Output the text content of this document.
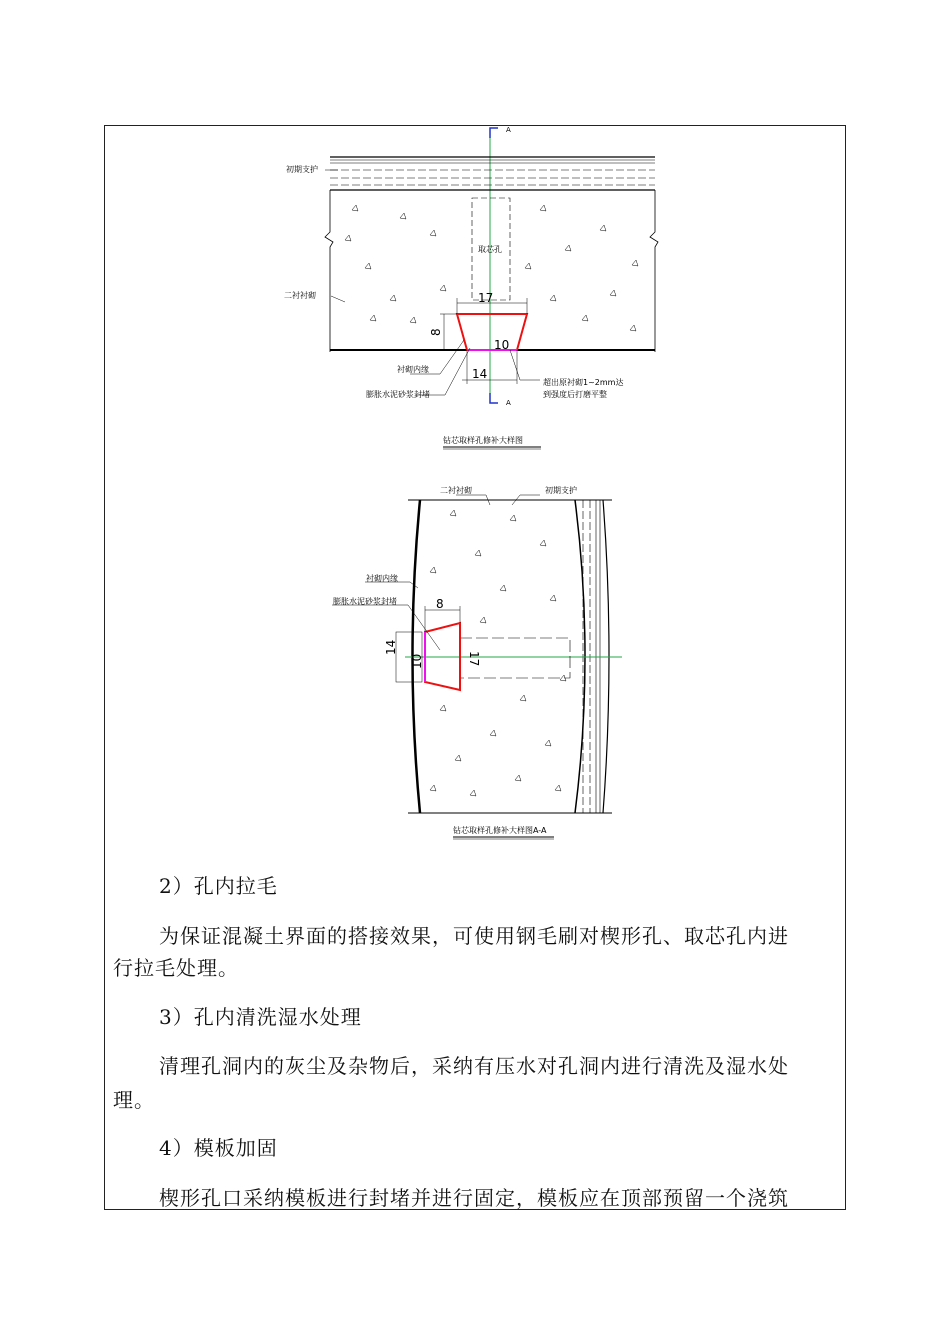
A
A
17
10
14
8
初期支护
二衬衬砌
取芯孔
衬砌内缘
膨胀水泥砂浆封堵
超出原衬砌1~2mm达
到强度后打磨平整
钻芯取样孔修补大样图
8
14
10	17
二衬衬砌	初期支护
衬砌内缘
膨胀水泥砂浆封堵
钻芯取样孔修补大样图A-A
2）孔内拉毛
为保证混凝土界面的搭接效果，可使用钢毛刷对楔形孔、取芯孔内进
行拉毛处理。
3）孔内清洗湿水处理
清理孔洞内的灰尘及杂物后，采纳有压水对孔洞内进行清洗及湿水处
理。
4）模板加固
楔形孔口采纳模板进行封堵并进行固定，模板应在顶部预留一个浇筑
